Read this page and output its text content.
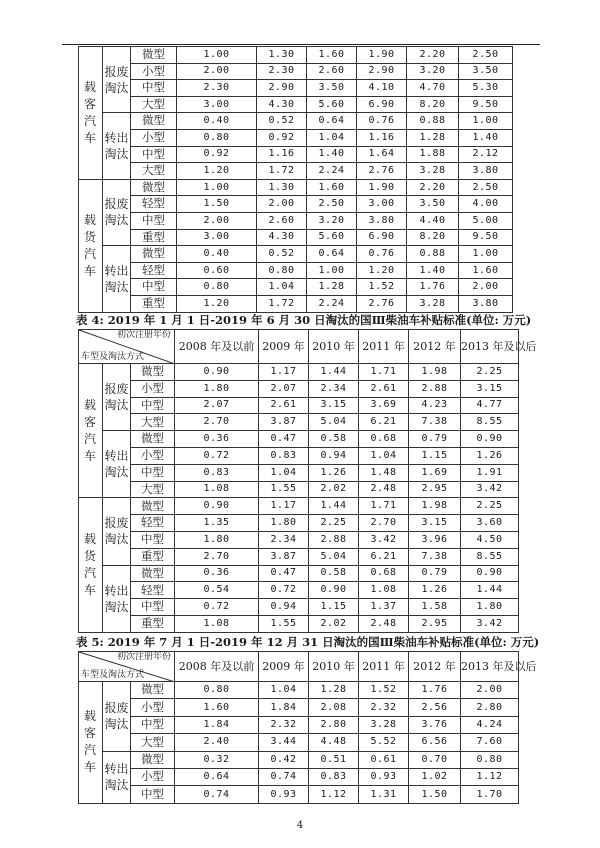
载客汽车	报废淘汰	微型	1.00	1.30	1.60	1.90	2.20	2.50
		小型	2.00	2.30	2.60	2.90	3.20	3.50
		中型	2.30	2.90	3.50	4.10	4.70	5.30
		大型	3.00	4.30	5.60	6.90	8.20	9.50
	转出淘汰	微型	0.40	0.52	0.64	0.76	0.88	1.00
		小型	0.80	0.92	1.04	1.16	1.28	1.40
		中型	0.92	1.16	1.40	1.64	1.88	2.12
		大型	1.20	1.72	2.24	2.76	3.28	3.80
载货汽车	报废淘汰	微型	1.00	1.30	1.60	1.90	2.20	2.50
		轻型	1.50	2.00	2.50	3.00	3.50	4.00
		中型	2.00	2.60	3.20	3.80	4.40	5.00
		重型	3.00	4.30	5.60	6.90	8.20	9.50
	转出淘汰	微型	0.40	0.52	0.64	0.76	0.88	1.00
		轻型	0.60	0.80	1.00	1.20	1.40	1.60
		中型	0.80	1.04	1.28	1.52	1.76	2.00
		重型	1.20	1.72	2.24	2.76	3.28	3.80
表 4: 2019 年 1 月 1 日-2019 年 6 月 30 日淘汰的国Ⅲ柴油车补贴标准(单位: 万元)
初次注册年份
车型及淘汰方式			2008 年及以前	2009 年	2010 年	2011 年	2012 年	2013 年及以后
载客汽车	报废淘汰	微型	0.90	1.17	1.44	1.71	1.98	2.25
		小型	1.80	2.07	2.34	2.61	2.88	3.15
		中型	2.07	2.61	3.15	3.69	4.23	4.77
		大型	2.70	3.87	5.04	6.21	7.38	8.55
	转出淘汰	微型	0.36	0.47	0.58	0.68	0.79	0.90
		小型	0.72	0.83	0.94	1.04	1.15	1.26
		中型	0.83	1.04	1.26	1.48	1.69	1.91
		大型	1.08	1.55	2.02	2.48	2.95	3.42
载货汽车	报废淘汰	微型	0.90	1.17	1.44	1.71	1.98	2.25
		轻型	1.35	1.80	2.25	2.70	3.15	3.60
		中型	1.80	2.34	2.88	3.42	3.96	4.50
		重型	2.70	3.87	5.04	6.21	7.38	8.55
	转出淘汰	微型	0.36	0.47	0.58	0.68	0.79	0.90
		轻型	0.54	0.72	0.90	1.08	1.26	1.44
		中型	0.72	0.94	1.15	1.37	1.58	1.80
		重型	1.08	1.55	2.02	2.48	2.95	3.42
表 5: 2019 年 7 月 1 日-2019 年 12 月 31 日淘汰的国Ⅲ柴油车补贴标准(单位: 万元)
初次注册年份
车型及淘汰方式			2008 年及以前	2009 年	2010 年	2011 年	2012 年	2013 年及以后
载客汽车	报废淘汰	微型	0.80	1.04	1.28	1.52	1.76	2.00
		小型	1.60	1.84	2.08	2.32	2.56	2.80
		中型	1.84	2.32	2.80	3.28	3.76	4.24
		大型	2.40	3.44	4.48	5.52	6.56	7.60
	转出淘汰	微型	0.32	0.42	0.51	0.61	0.70	0.80
		小型	0.64	0.74	0.83	0.93	1.02	1.12
		中型	0.74	0.93	1.12	1.31	1.50	1.70
4
